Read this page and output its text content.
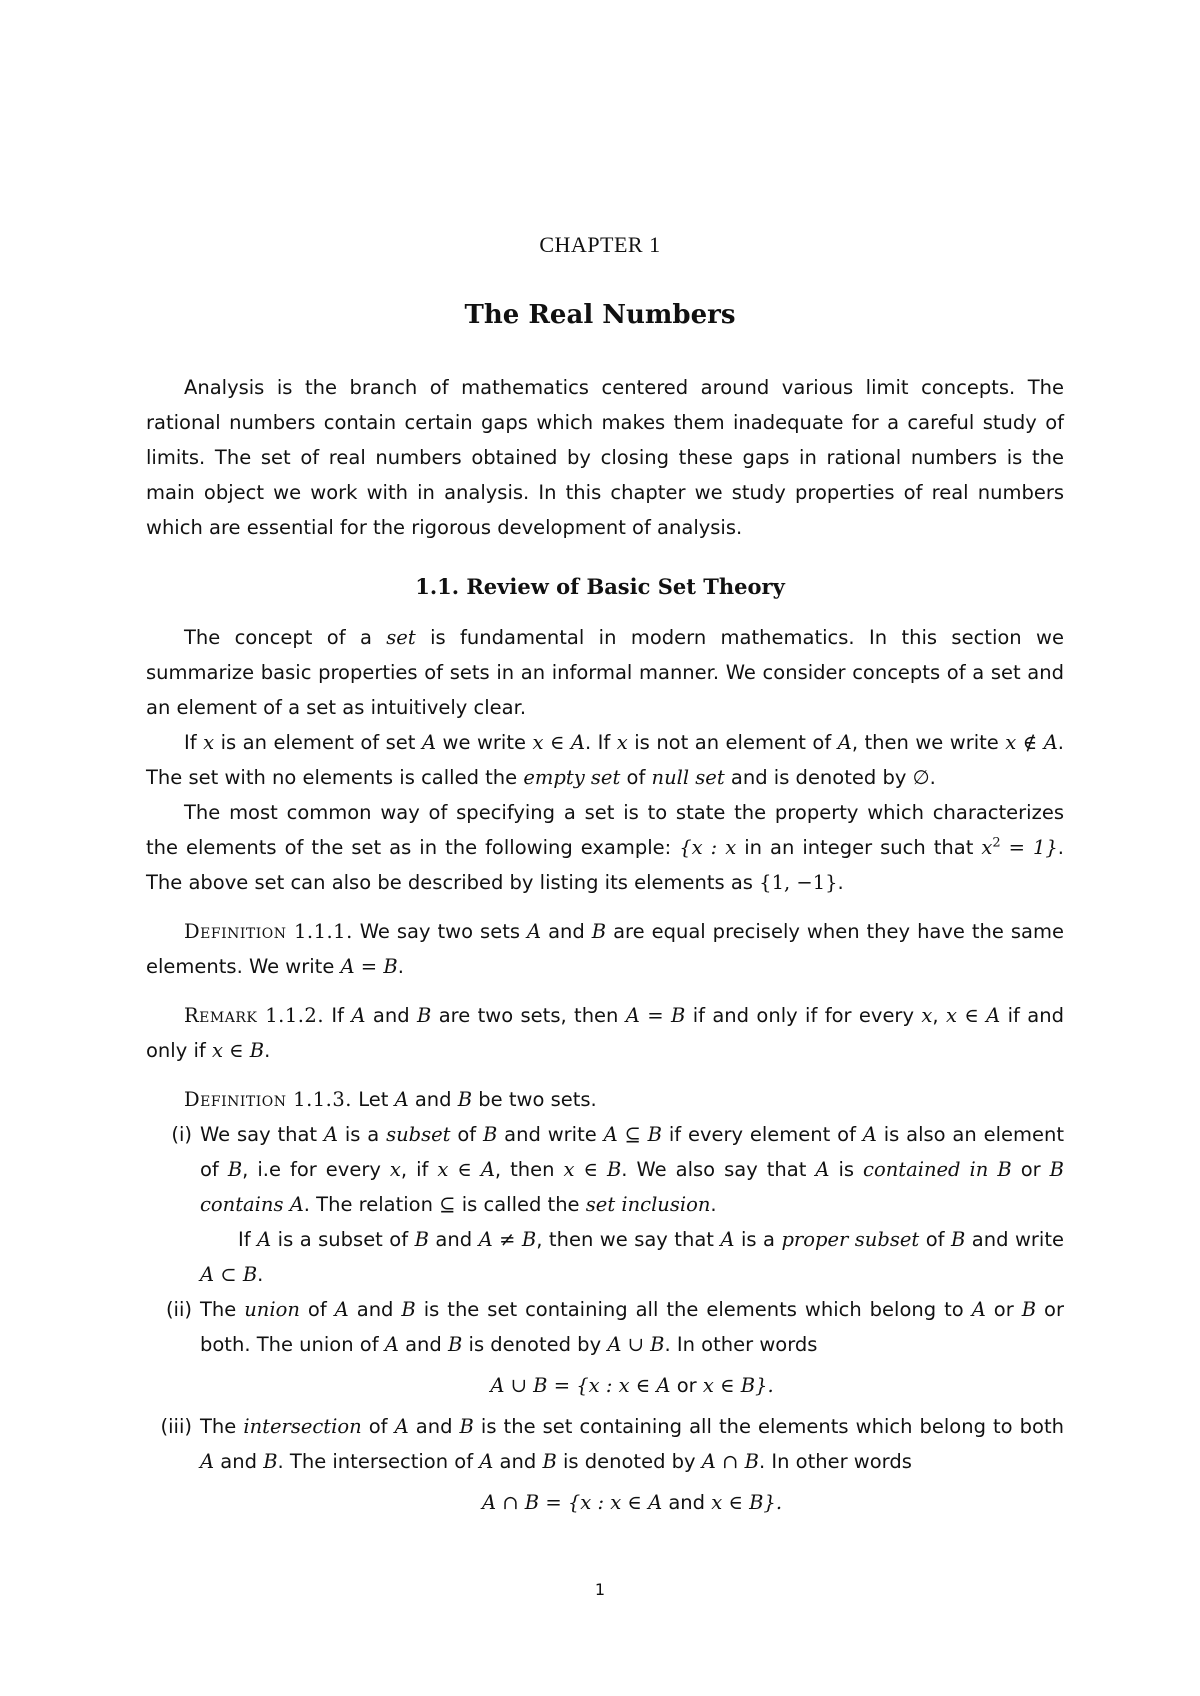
CHAPTER 1
The Real Numbers

Analysis is the branch of mathematics centered around various limit concepts. The rational numbers contain certain gaps which makes them inadequate for a careful study of limits. The set of real numbers obtained by closing these gaps in rational numbers is the main object we work with in analysis. In this chapter we study properties of real numbers which are essential for the rigorous development of analysis.

1.1. Review of Basic Set Theory

The concept of a set is fundamental in modern mathematics. In this section we summarize basic properties of sets in an informal manner. We consider concepts of a set and an element of a set as intuitively clear.

If x is an element of set A we write x ∈ A. If x is not an element of A, then we write x ∉ A. The set with no elements is called the empty set of null set and is denoted by ∅.

The most common way of specifying a set is to state the property which characterizes the elements of the set as in the following example: {x : x in an integer such that $x^2 = 1$}. The above set can also be described by listing its elements as {1, −1}.

Definition 1.1.1. We say two sets A and B are equal precisely when they have the same elements. We write A = B.

Remark 1.1.2. If A and B are two sets, then A = B if and only if for every x, x ∈ A if and only if x ∈ B.

Definition 1.1.3. Let A and B be two sets.

(i) We say that A is a subset of B and write A ⊆ B if every element of A is also an element of B, i.e for every x, if x ∈ A, then x ∈ B. We also say that A is contained in B or B contains A. The relation ⊆ is called the set inclusion.
If A is a subset of B and A ≠ B, then we say that A is a proper subset of B and write A ⊂ B.
(ii) The union of A and B is the set containing all the elements which belong to A or B or both. The union of A and B is denoted by A ∪ B. In other words
A ∪ B = {x : x ∈ A or x ∈ B}.
(iii) The intersection of A and B is the set containing all the elements which belong to both A and B. The intersection of A and B is denoted by A ∩ B. In other words
A ∩ B = {x : x ∈ A and x ∈ B}.
1
